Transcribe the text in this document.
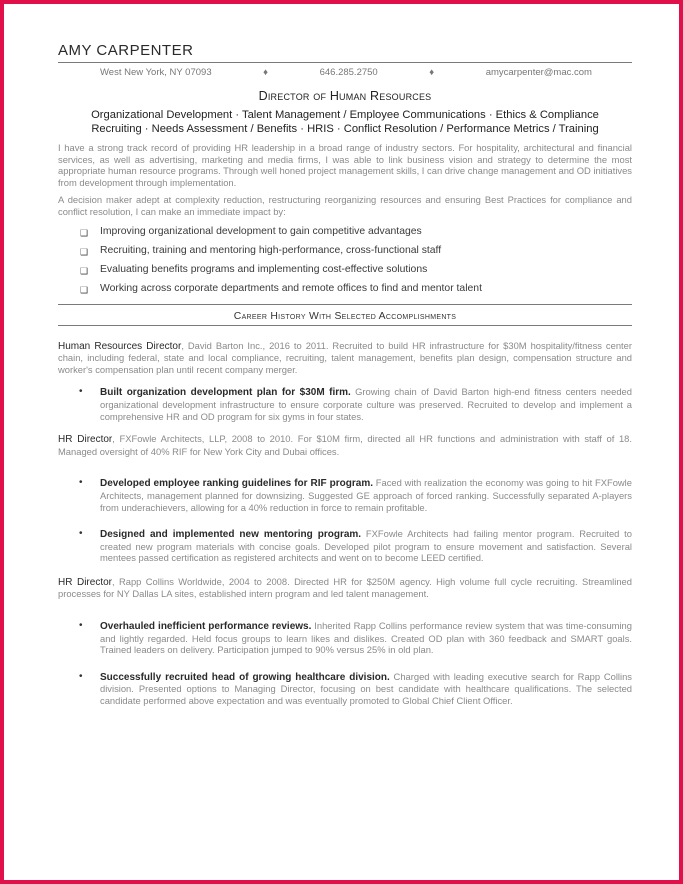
AMY CARPENTER
West New York, NY 07093	♦	646.285.2750	♦	amycarpenter@mac.com
Director of Human Resources
Organizational Development · Talent Management / Employee Communications · Ethics & Compliance
Recruiting · Needs Assessment / Benefits · HRIS · Conflict Resolution / Performance Metrics / Training
I have a strong track record of providing HR leadership in a broad range of industry sectors. For hospitality, architectural and financial services, as well as advertising, marketing and media firms, I was able to link business vision and strategy to determine the most appropriate human resource programs. Through well honed project management skills, I can drive change management and OD initiatives from development through implementation.
A decision maker adept at complexity reduction, restructuring reorganizing resources and ensuring Best Practices for compliance and conflict resolution, I can make an immediate impact by:
❑ Improving organizational development to gain competitive advantages
❑ Recruiting, training and mentoring high-performance, cross-functional staff
❑ Evaluating benefits programs and implementing cost-effective solutions
❑ Working across corporate departments and remote offices to find and mentor talent
Career History With Selected Accomplishments
Human Resources Director, David Barton Inc., 2016 to 2011. Recruited to build HR infrastructure for $30M hospitality/fitness center chain, including federal, state and local compliance, recruiting, talent management, benefits plan design, compensation structure and worker's compensation plan until recent company merger.
• Built organization development plan for $30M firm. Growing chain of David Barton high-end fitness centers needed organizational development infrastructure to ensure corporate culture was preserved. Recruited to develop and implement a comprehensive HR and OD program for six gyms in four states.
HR Director, FXFowle Architects, LLP, 2008 to 2010. For $10M firm, directed all HR functions and administration with staff of 18. Managed oversight of 40% RIF for New York City and Dubai offices.
• Developed employee ranking guidelines for RIF program. Faced with realization the economy was going to hit FXFowle Architects, management planned for downsizing. Suggested GE approach of forced ranking. Successfully separated A-players from underachievers, allowing for a 40% reduction in force to remain profitable.
• Designed and implemented new mentoring program. FXFowle Architects had failing mentor program. Recruited to created new program materials with concise goals. Developed pilot program to ensure movement and satisfaction. Several mentees passed certification as registered architects and went on to become LEED certified.
HR Director, Rapp Collins Worldwide, 2004 to 2008. Directed HR for $250M agency. High volume full cycle recruiting. Streamlined processes for NY Dallas LA sites, established intern program and led talent management.
• Overhauled inefficient performance reviews. Inherited Rapp Collins performance review system that was time-consuming and lightly regarded. Held focus groups to learn likes and dislikes. Created OD plan with 360 feedback and SMART goals. Trained leaders on delivery. Participation jumped to 90% versus 25% in old plan.
• Successfully recruited head of growing healthcare division. Charged with leading executive search for Rapp Collins division. Presented options to Managing Director, focusing on best candidate with healthcare qualifications. The selected candidate performed above expectation and was eventually promoted to Global Chief Client Officer.
